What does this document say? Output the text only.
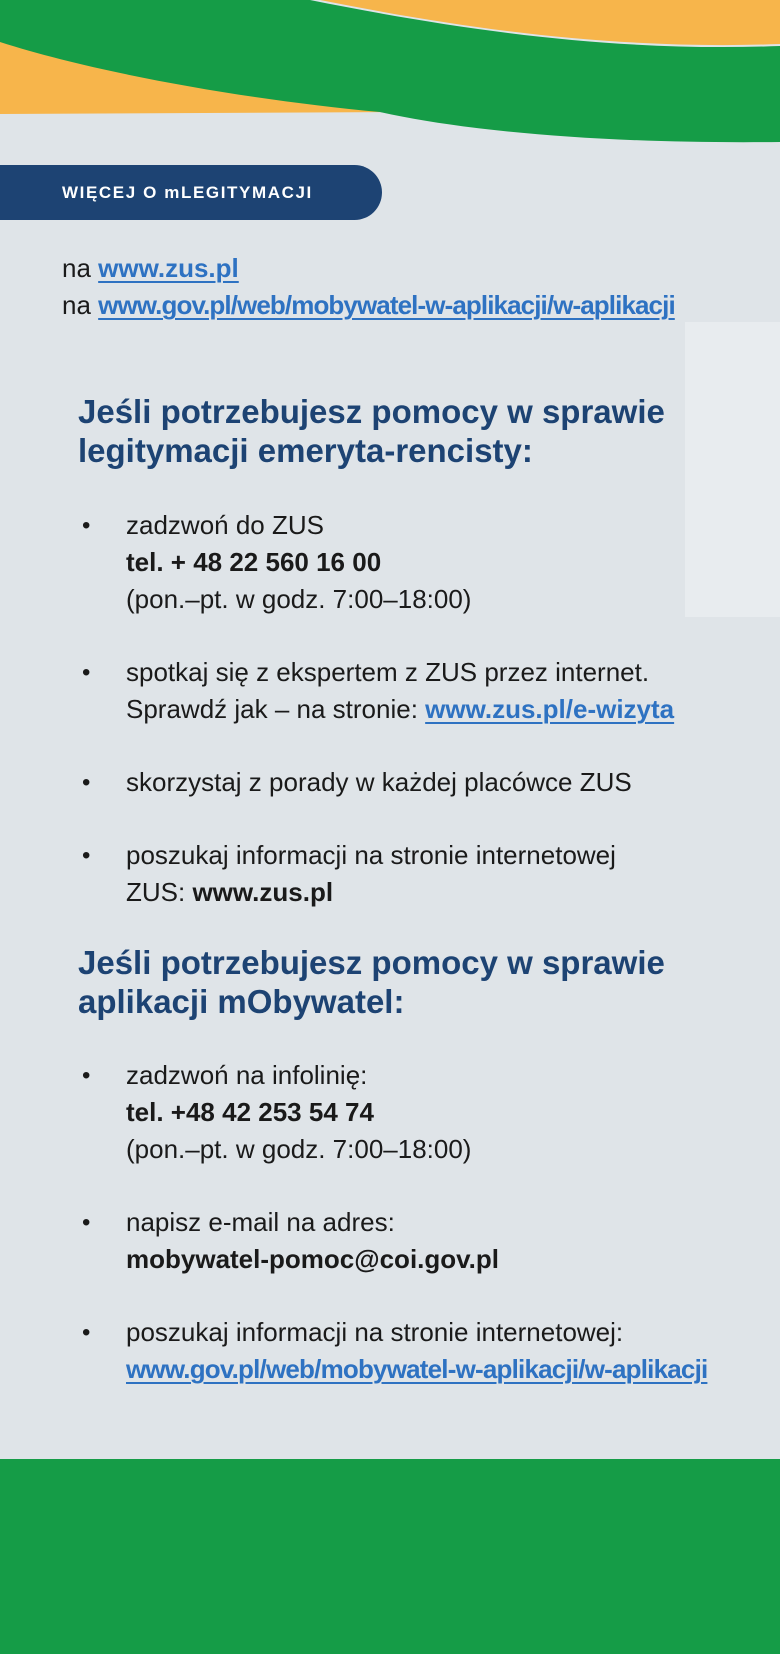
WIĘCEJ O mLEGITYMACJI
na www.zus.pl
na www.gov.pl/web/mobywatel-w-aplikacji/w-aplikacji
Jeśli potrzebujesz pomocy w sprawie
legitymacji emeryta-rencisty:
• zadzwoń do ZUS
tel. + 48 22 560 16 00
(pon.–pt. w godz. 7:00–18:00)
• spotkaj się z ekspertem z ZUS przez internet.
Sprawdź jak – na stronie: www.zus.pl/e-wizyta
• skorzystaj z porady w każdej placówce ZUS
• poszukaj informacji na stronie internetowej
ZUS: www.zus.pl
Jeśli potrzebujesz pomocy w sprawie
aplikacji mObywatel:
• zadzwoń na infolinię:
tel. +48 42 253 54 74
(pon.–pt. w godz. 7:00–18:00)
• napisz e-mail na adres:
mobywatel-pomoc@coi.gov.pl
• poszukaj informacji na stronie internetowej:
www.gov.pl/web/mobywatel-w-aplikacji/w-aplikacji
